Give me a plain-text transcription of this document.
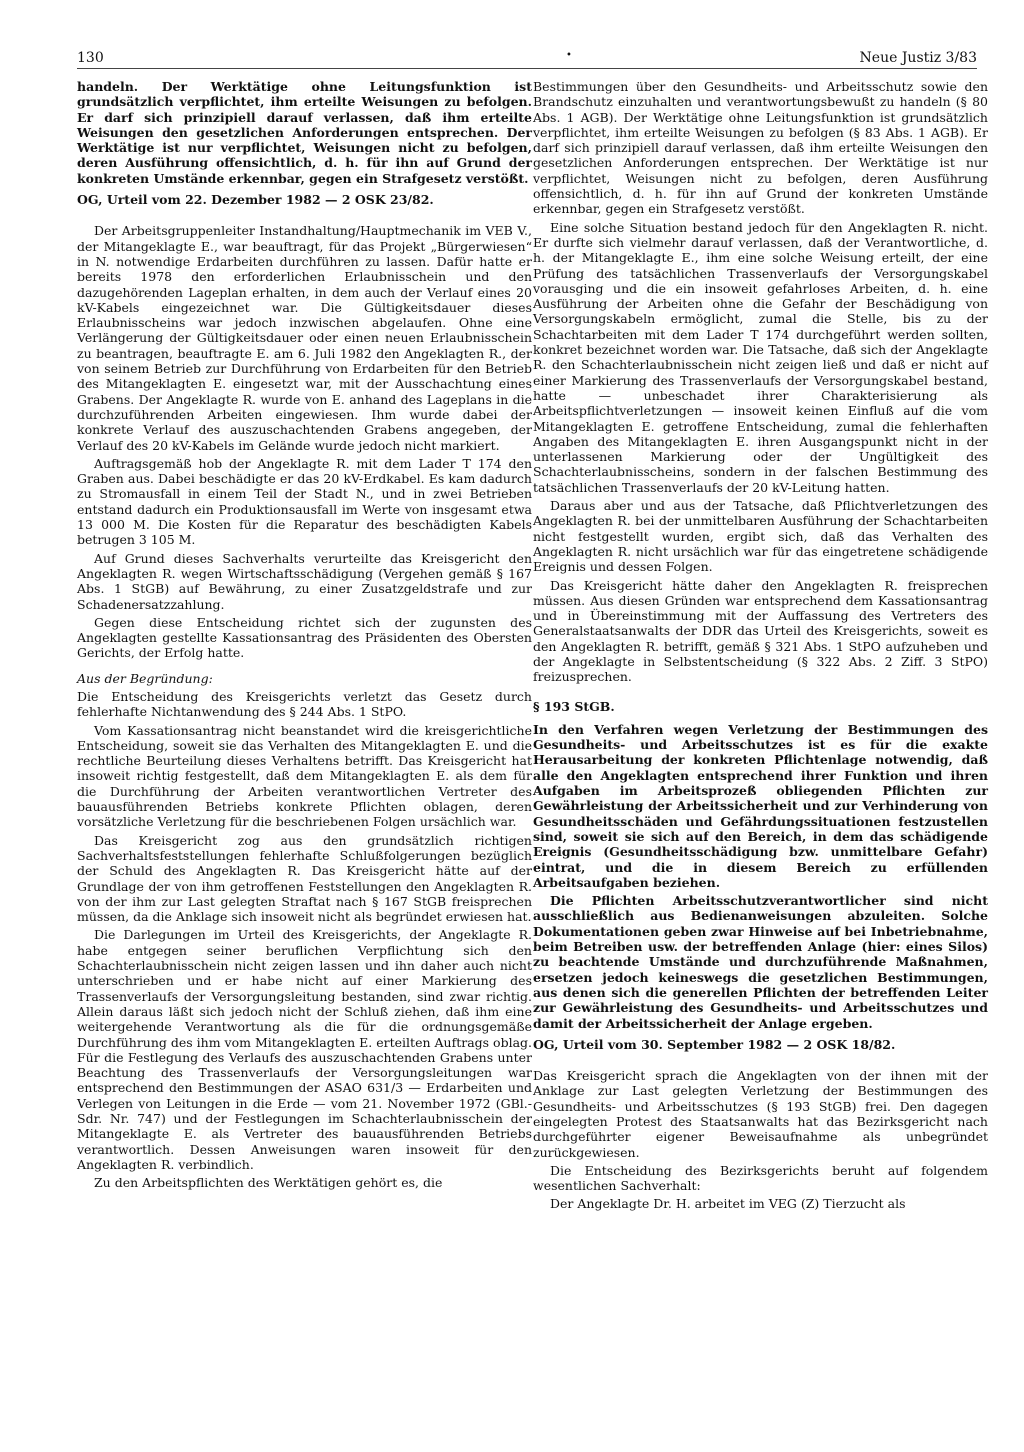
130	•	Neue Justiz 3/83

handeln. Der Werktätige ohne Leitungsfunktion ist grundsätzlich verpflichtet, ihm erteilte Weisungen zu befolgen. Er darf sich prinzipiell darauf verlassen, daß ihm erteilte Weisungen den gesetzlichen Anforderungen entsprechen. Der Werktätige ist nur verpflichtet, Weisungen nicht zu befolgen, deren Ausführung offensichtlich, d. h. für ihn auf Grund der konkreten Umstände erkennbar, gegen ein Strafgesetz verstößt.

OG, Urteil vom 22. Dezember 1982 — 2 OSK 23/82.

Der Arbeitsgruppenleiter Instandhaltung/Hauptmechanik im VEB V., der Mitangeklagte E., war beauftragt, für das Projekt „Bürgerwiesen“ in N. notwendige Erdarbeiten durchführen zu lassen. Dafür hatte er bereits 1978 den erforderlichen Erlaubnisschein und den dazugehörenden Lageplan erhalten, in dem auch der Verlauf eines 20 kV-Kabels eingezeichnet war. Die Gültigkeitsdauer dieses Erlaubnisscheins war jedoch inzwischen abgelaufen. Ohne eine Verlängerung der Gültigkeitsdauer oder einen neuen Erlaubnisschein zu beantragen, beauftragte E. am 6. Juli 1982 den Angeklagten R., der von seinem Betrieb zur Durchführung von Erdarbeiten für den Betrieb des Mitangeklagten E. eingesetzt war, mit der Ausschachtung eines Grabens. Der Angeklagte R. wurde von E. anhand des Lageplans in die durchzuführenden Arbeiten eingewiesen. Ihm wurde dabei der konkrete Verlauf des auszuschachtenden Grabens angegeben, der Verlauf des 20 kV-Kabels im Gelände wurde jedoch nicht markiert.

Auftragsgemäß hob der Angeklagte R. mit dem Lader T 174 den Graben aus. Dabei beschädigte er das 20 kV-Erdkabel. Es kam dadurch zu Stromausfall in einem Teil der Stadt N., und in zwei Betrieben entstand dadurch ein Produktionsausfall im Werte von insgesamt etwa 13 000 M. Die Kosten für die Reparatur des beschädigten Kabels betrugen 3 105 M.

Auf Grund dieses Sachverhalts verurteilte das Kreisgericht den Angeklagten R. wegen Wirtschaftsschädigung (Vergehen gemäß § 167 Abs. 1 StGB) auf Bewährung, zu einer Zusatzgeldstrafe und zur Schadenersatzzahlung.

Gegen diese Entscheidung richtet sich der zugunsten des Angeklagten gestellte Kassationsantrag des Präsidenten des Obersten Gerichts, der Erfolg hatte.

Aus der Begründung:

Die Entscheidung des Kreisgerichts verletzt das Gesetz durch fehlerhafte Nichtanwendung des § 244 Abs. 1 StPO.

Vom Kassationsantrag nicht beanstandet wird die kreisgerichtliche Entscheidung, soweit sie das Verhalten des Mitangeklagten E. und die rechtliche Beurteilung dieses Verhaltens betrifft. Das Kreisgericht hat insoweit richtig festgestellt, daß dem Mitangeklagten E. als dem für die Durchführung der Arbeiten verantwortlichen Vertreter des bauausführenden Betriebs konkrete Pflichten oblagen, deren vorsätzliche Verletzung für die beschriebenen Folgen ursächlich war.

Das Kreisgericht zog aus den grundsätzlich richtigen Sachverhaltsfeststellungen fehlerhafte Schlußfolgerungen bezüglich der Schuld des Angeklagten R. Das Kreisgericht hätte auf der Grundlage der von ihm getroffenen Feststellungen den Angeklagten R. von der ihm zur Last gelegten Straftat nach § 167 StGB freisprechen müssen, da die Anklage sich insoweit nicht als begründet erwiesen hat.

Die Darlegungen im Urteil des Kreisgerichts, der Angeklagte R. habe entgegen seiner beruflichen Verpflichtung sich den Schachterlaubnisschein nicht zeigen lassen und ihn daher auch nicht unterschrieben und er habe nicht auf einer Markierung des Trassenverlaufs der Versorgungsleitung bestanden, sind zwar richtig. Allein daraus läßt sich jedoch nicht der Schluß ziehen, daß ihm eine weitergehende Verantwortung als die für die ordnungsgemäße Durchführung des ihm vom Mitangeklagten E. erteilten Auftrags oblag. Für die Festlegung des Verlaufs des auszuschachtenden Grabens unter Beachtung des Trassenverlaufs der Versorgungsleitungen war entsprechend den Bestimmungen der ASAO 631/3 — Erdarbeiten und Verlegen von Leitungen in die Erde — vom 21. November 1972 (GBl.-Sdr. Nr. 747) und der Festlegungen im Schachterlaubnisschein der Mitangeklagte E. als Vertreter des bauausführenden Betriebs verantwortlich. Dessen Anweisungen waren insoweit für den Angeklagten R. verbindlich.

Zu den Arbeitspflichten des Werktätigen gehört es, die

Bestimmungen über den Gesundheits- und Arbeitsschutz sowie den Brandschutz einzuhalten und verantwortungsbewußt zu handeln (§ 80 Abs. 1 AGB). Der Werktätige ohne Leitungsfunktion ist grundsätzlich verpflichtet, ihm erteilte Weisungen zu befolgen (§ 83 Abs. 1 AGB). Er darf sich prinzipiell darauf verlassen, daß ihm erteilte Weisungen den gesetzlichen Anforderungen entsprechen. Der Werktätige ist nur verpflichtet, Weisungen nicht zu befolgen, deren Ausführung offensichtlich, d. h. für ihn auf Grund der konkreten Umstände erkennbar, gegen ein Strafgesetz verstößt.

Eine solche Situation bestand jedoch für den Angeklagten R. nicht. Er durfte sich vielmehr darauf verlassen, daß der Verantwortliche, d. h. der Mitangeklagte E., ihm eine solche Weisung erteilt, der eine Prüfung des tatsächlichen Trassenverlaufs der Versorgungskabel vorausging und die ein insoweit gefahrloses Arbeiten, d. h. eine Ausführung der Arbeiten ohne die Gefahr der Beschädigung von Versorgungskabeln ermöglicht, zumal die Stelle, bis zu der Schachtarbeiten mit dem Lader T 174 durchgeführt werden sollten, konkret bezeichnet worden war. Die Tatsache, daß sich der Angeklagte R. den Schachterlaubnisschein nicht zeigen ließ und daß er nicht auf einer Markierung des Trassenverlaufs der Versorgungskabel bestand, hatte — unbeschadet ihrer Charakterisierung als Arbeitspflichtverletzungen — insoweit keinen Einfluß auf die vom Mitangeklagten E. getroffene Entscheidung, zumal die fehlerhaften Angaben des Mitangeklagten E. ihren Ausgangspunkt nicht in der unterlassenen Markierung oder der Ungültigkeit des Schachterlaubnisscheins, sondern in der falschen Bestimmung des tatsächlichen Trassenverlaufs der 20 kV-Leitung hatten.

Daraus aber und aus der Tatsache, daß Pflichtverletzungen des Angeklagten R. bei der unmittelbaren Ausführung der Schachtarbeiten nicht festgestellt wurden, ergibt sich, daß das Verhalten des Angeklagten R. nicht ursächlich war für das eingetretene schädigende Ereignis und dessen Folgen.

Das Kreisgericht hätte daher den Angeklagten R. freisprechen müssen. Aus diesen Gründen war entsprechend dem Kassationsantrag und in Übereinstimmung mit der Auffassung des Vertreters des Generalstaatsanwalts der DDR das Urteil des Kreisgerichts, soweit es den Angeklagten R. betrifft, gemäß § 321 Abs. 1 StPO aufzuheben und der Angeklagte in Selbstentscheidung (§ 322 Abs. 2 Ziff. 3 StPO) freizusprechen.

§ 193 StGB.

In den Verfahren wegen Verletzung der Bestimmungen des Gesundheits- und Arbeitsschutzes ist es für die exakte Herausarbeitung der konkreten Pflichtenlage notwendig, daß alle den Angeklagten entsprechend ihrer Funktion und ihren Aufgaben im Arbeitsprozeß obliegenden Pflichten zur Gewährleistung der Arbeitssicherheit und zur Verhinderung von Gesundheitsschäden und Gefährdungssituationen festzustellen sind, soweit sie sich auf den Bereich, in dem das schädigende Ereignis (Gesundheitsschädigung bzw. unmittelbare Gefahr) eintrat, und die in diesem Bereich zu erfüllenden Arbeitsaufgaben beziehen.

Die Pflichten Arbeitsschutzverantwortlicher sind nicht ausschließlich aus Bedienanweisungen abzuleiten. Solche Dokumentationen geben zwar Hinweise auf bei Inbetriebnahme, beim Betreiben usw. der betreffenden Anlage (hier: eines Silos) zu beachtende Umstände und durchzuführende Maßnahmen, ersetzen jedoch keineswegs die gesetzlichen Bestimmungen, aus denen sich die generellen Pflichten der betreffenden Leiter zur Gewährleistung des Gesundheits- und Arbeitsschutzes und damit der Arbeitssicherheit der Anlage ergeben.

OG, Urteil vom 30. September 1982 — 2 OSK 18/82.

Das Kreisgericht sprach die Angeklagten von der ihnen mit der Anklage zur Last gelegten Verletzung der Bestimmungen des Gesundheits- und Arbeitsschutzes (§ 193 StGB) frei. Den dagegen eingelegten Protest des Staatsanwalts hat das Bezirksgericht nach durchgeführter eigener Beweisaufnahme als unbegründet zurückgewiesen.

Die Entscheidung des Bezirksgerichts beruht auf folgendem wesentlichen Sachverhalt:

Der Angeklagte Dr. H. arbeitet im VEG (Z) Tierzucht als
